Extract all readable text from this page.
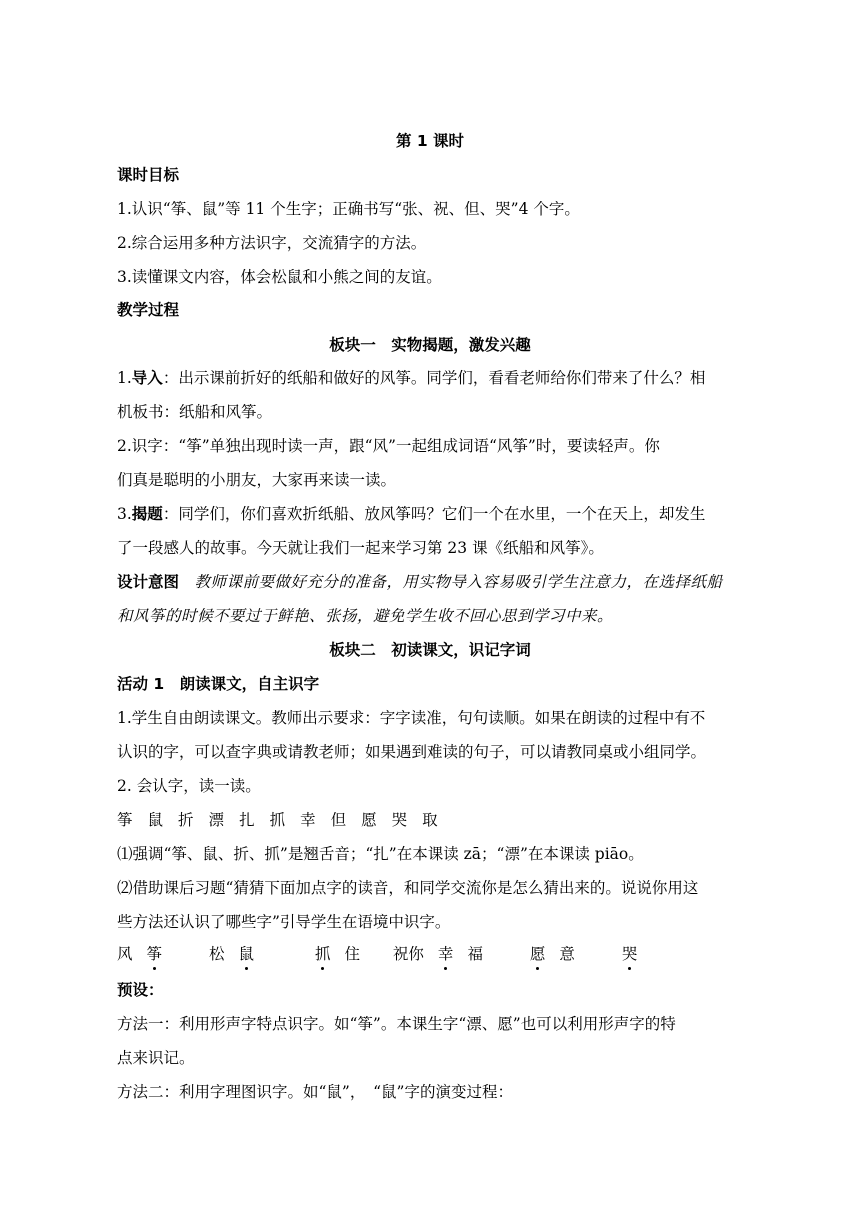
第 1 课时
课时目标
1.认识“筝、鼠”等 11 个生字；正确书写“张、祝、但、哭”4 个字。
2.综合运用多种方法识字，交流猜字的方法。
3.读懂课文内容，体会松鼠和小熊之间的友谊。
教学过程
板块一　实物揭题，激发兴趣
1.导入：出示课前折好的纸船和做好的风筝。同学们，看看老师给你们带来了什么？相
机板书：纸船和风筝。
2.识字：“筝”单独出现时读一声，跟“风”一起组成词语“风筝”时，要读轻声。你
们真是聪明的小朋友，大家再来读一读。
3.揭题：同学们，你们喜欢折纸船、放风筝吗？它们一个在水里，一个在天上，却发生
了一段感人的故事。今天就让我们一起来学习第 23 课《纸船和风筝》。
设计意图　 教师课前要做好充分的准备，用实物导入容易吸引学生注意力，在选择纸船
和风筝的时候不要过于鲜艳、张扬，避免学生收不回心思到学习中来。
板块二　初读课文，识记字词
活动 1　朗读课文，自主识字
1.学生自由朗读课文。教师出示要求：字字读准，句句读顺。如果在朗读的过程中有不
认识的字，可以查字典或请教老师；如果遇到难读的句子，可以请教同桌或小组同学。
2. 会认字，读一读。
筝 鼠 折 漂 扎 抓 幸 但 愿 哭 取
⑴强调“筝、鼠、折、抓”是翘舌音；“扎”在本课读 zā；“漂”在本课读 piāo。
⑵借助课后习题“猜猜下面加点字的读音，和同学交流你是怎么猜出来的。说说你用这
些方法还认识了哪些字”引导学生在语境中识字。
风 筝	松 鼠	抓 住 祝你 幸 福	愿 意	哭
预设：
方法一：利用形声字特点识字。如“筝”。本课生字“漂、愿”也可以利用形声字的特
点来识记。
方法二：利用字理图识字。如“鼠”，　“鼠”字的演变过程：
